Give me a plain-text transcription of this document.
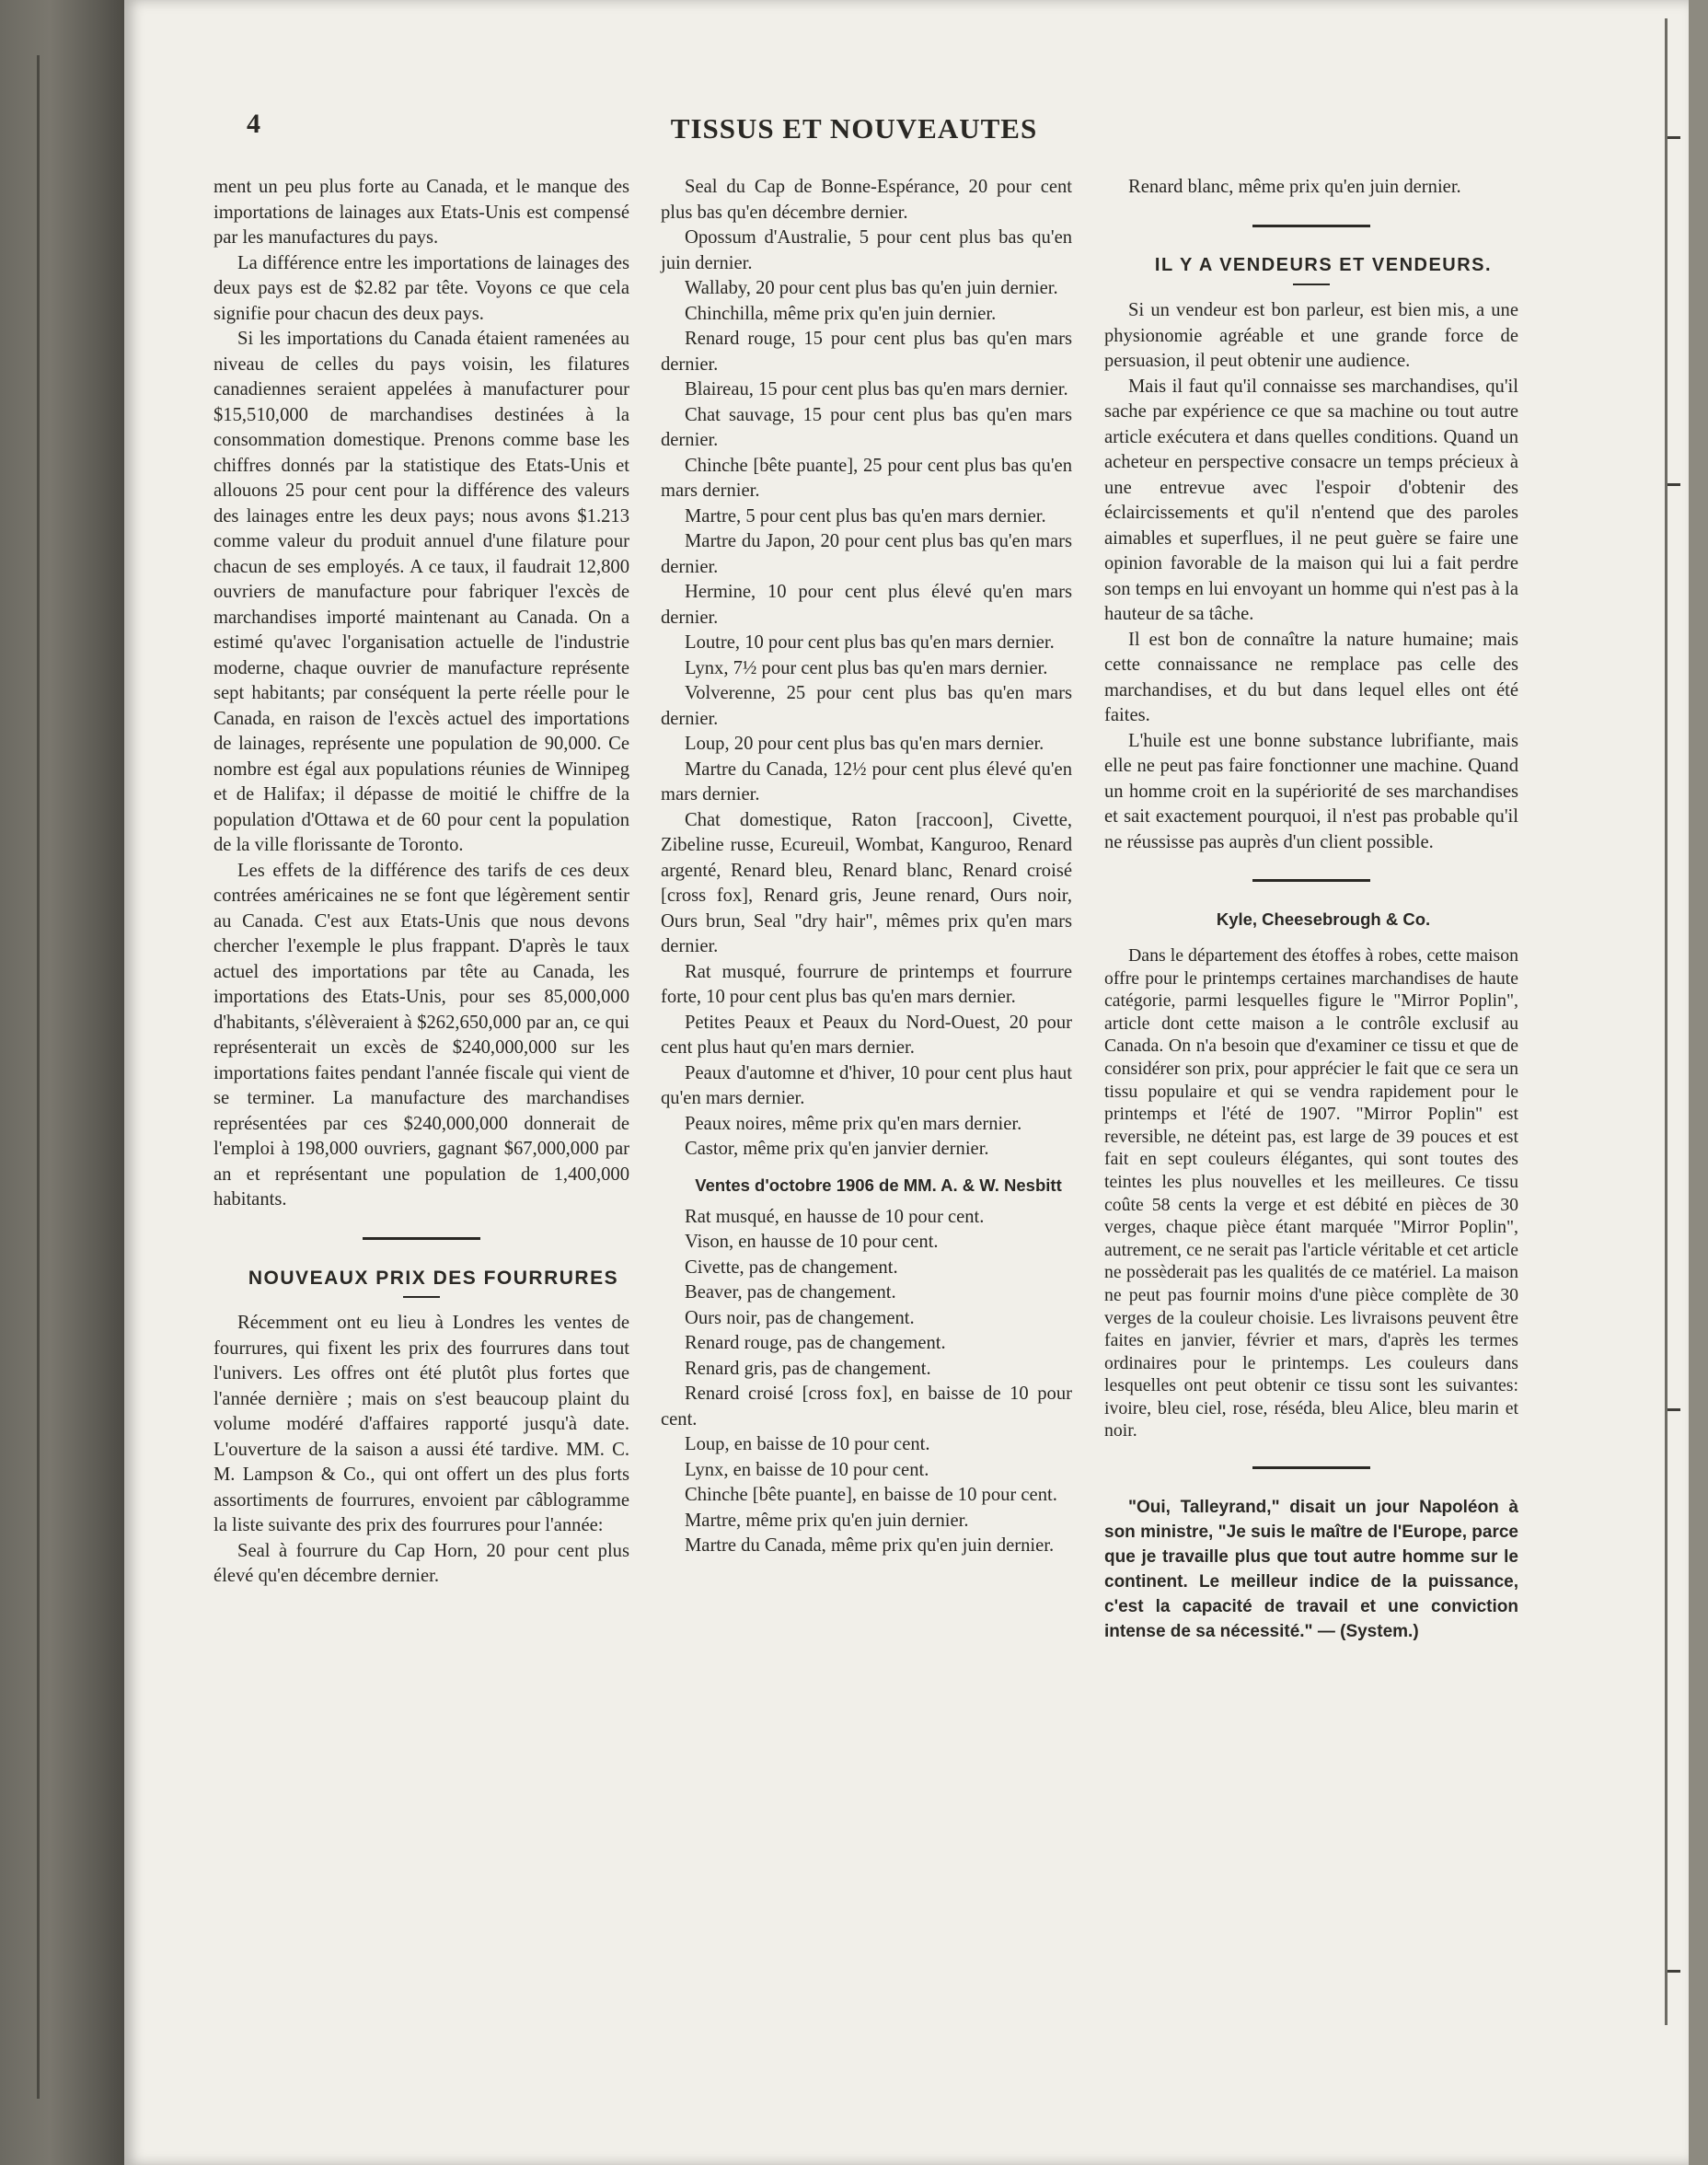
4	TISSUS ET NOUVEAUTES

ment un peu plus forte au Canada, et le manque des importations de lainages aux Etats-Unis est compensé par les manufactures du pays.

La différence entre les importations de lainages des deux pays est de $2.82 par tête. Voyons ce que cela signifie pour chacun des deux pays.

Si les importations du Canada étaient ramenées au niveau de celles du pays voisin, les filatures canadiennes seraient appelées à manufacturer pour $15,510,000 de marchandises destinées à la consommation domestique. Prenons comme base les chiffres donnés par la statistique des Etats-Unis et allouons 25 pour cent pour la différence des valeurs des lainages entre les deux pays; nous avons $1.213 comme valeur du produit annuel d'une filature pour chacun de ses employés. A ce taux, il faudrait 12,800 ouvriers de manufacture pour fabriquer l'excès de marchandises importé maintenant au Canada. On a estimé qu'avec l'organisation actuelle de l'industrie moderne, chaque ouvrier de manufacture représente sept habitants; par conséquent la perte réelle pour le Canada, en raison de l'excès actuel des importations de lainages, représente une population de 90,000. Ce nombre est égal aux populations réunies de Winnipeg et de Halifax; il dépasse de moitié le chiffre de la population d'Ottawa et de 60 pour cent la population de la ville florissante de Toronto.

Les effets de la différence des tarifs de ces deux contrées américaines ne se font que légèrement sentir au Canada. C'est aux Etats-Unis que nous devons chercher l'exemple le plus frappant. D'après le taux actuel des importations par tête au Canada, les importations des Etats-Unis, pour ses 85,000,000 d'habitants, s'élèveraient à $262,650,000 par an, ce qui représenterait un excès de $240,000,000 sur les importations faites pendant l'année fiscale qui vient de se terminer. La manufacture des marchandises représentées par ces $240,000,000 donnerait de l'emploi à 198,000 ouvriers, gagnant $67,000,000 par an et représentant une population de 1,400,000 habitants.

NOUVEAUX PRIX DES FOURRURES

Récemment ont eu lieu à Londres les ventes de fourrures, qui fixent les prix des fourrures dans tout l'univers. Les offres ont été plutôt plus fortes que l'année dernière ; mais on s'est beaucoup plaint du volume modéré d'affaires rapporté jusqu'à date. L'ouverture de la saison a aussi été tardive. MM. C. M. Lampson & Co., qui ont offert un des plus forts assortiments de fourrures, envoient par câblogramme la liste suivante des prix des fourrures pour l'année:

Seal à fourrure du Cap Horn, 20 pour cent plus élevé qu'en décembre dernier.

Seal du Cap de Bonne-Espérance, 20 pour cent plus bas qu'en décembre dernier.

Opossum d'Australie, 5 pour cent plus bas qu'en juin dernier.

Wallaby, 20 pour cent plus bas qu'en juin dernier.

Chinchilla, même prix qu'en juin dernier.

Renard rouge, 15 pour cent plus bas qu'en mars dernier.

Blaireau, 15 pour cent plus bas qu'en mars dernier.

Chat sauvage, 15 pour cent plus bas qu'en mars dernier.

Chinche [bête puante], 25 pour cent plus bas qu'en mars dernier.

Martre, 5 pour cent plus bas qu'en mars dernier.

Martre du Japon, 20 pour cent plus bas qu'en mars dernier.

Hermine, 10 pour cent plus élevé qu'en mars dernier.

Loutre, 10 pour cent plus bas qu'en mars dernier.

Lynx, 7½ pour cent plus bas qu'en mars dernier.

Volverenne, 25 pour cent plus bas qu'en mars dernier.

Loup, 20 pour cent plus bas qu'en mars dernier.

Martre du Canada, 12½ pour cent plus élevé qu'en mars dernier.

Chat domestique, Raton [raccoon], Civette, Zibeline russe, Ecureuil, Wombat, Kanguroo, Renard argenté, Renard bleu, Renard blanc, Renard croisé [cross fox], Renard gris, Jeune renard, Ours noir, Ours brun, Seal "dry hair", mêmes prix qu'en mars dernier.

Rat musqué, fourrure de printemps et fourrure forte, 10 pour cent plus bas qu'en mars dernier.

Petites Peaux et Peaux du Nord-Ouest, 20 pour cent plus haut qu'en mars dernier.

Peaux d'automne et d'hiver, 10 pour cent plus haut qu'en mars dernier.

Peaux noires, même prix qu'en mars dernier.

Castor, même prix qu'en janvier dernier.

Ventes d'octobre 1906 de MM. A. & W. Nesbitt

Rat musqué, en hausse de 10 pour cent.

Vison, en hausse de 10 pour cent.

Civette, pas de changement.

Beaver, pas de changement.

Ours noir, pas de changement.

Renard rouge, pas de changement.

Renard gris, pas de changement.

Renard croisé [cross fox], en baisse de 10 pour cent.

Loup, en baisse de 10 pour cent.

Lynx, en baisse de 10 pour cent.

Chinche [bête puante], en baisse de 10 pour cent.

Martre, même prix qu'en juin dernier.

Martre du Canada, même prix qu'en juin dernier.

Renard blanc, même prix qu'en juin dernier.

IL Y A VENDEURS ET VENDEURS.

Si un vendeur est bon parleur, est bien mis, a une physionomie agréable et une grande force de persuasion, il peut obtenir une audience.

Mais il faut qu'il connaisse ses marchandises, qu'il sache par expérience ce que sa machine ou tout autre article exécutera et dans quelles conditions. Quand un acheteur en perspective consacre un temps précieux à une entrevue avec l'espoir d'obtenir des éclaircissements et qu'il n'entend que des paroles aimables et superflues, il ne peut guère se faire une opinion favorable de la maison qui lui a fait perdre son temps en lui envoyant un homme qui n'est pas à la hauteur de sa tâche.

Il est bon de connaître la nature humaine; mais cette connaissance ne remplace pas celle des marchandises, et du but dans lequel elles ont été faites.

L'huile est une bonne substance lubrifiante, mais elle ne peut pas faire fonctionner une machine. Quand un homme croit en la supériorité de ses marchandises et sait exactement pourquoi, il n'est pas probable qu'il ne réussisse pas auprès d'un client possible.

Kyle, Cheesebrough & Co.

Dans le département des étoffes à robes, cette maison offre pour le printemps certaines marchandises de haute catégorie, parmi lesquelles figure le "Mirror Poplin", article dont cette maison a le contrôle exclusif au Canada. On n'a besoin que d'examiner ce tissu et que de considérer son prix, pour apprécier le fait que ce sera un tissu populaire et qui se vendra rapidement pour le printemps et l'été de 1907. "Mirror Poplin" est reversible, ne déteint pas, est large de 39 pouces et est fait en sept couleurs élégantes, qui sont toutes des teintes les plus nouvelles et les meilleures. Ce tissu coûte 58 cents la verge et est débité en pièces de 30 verges, chaque pièce étant marquée "Mirror Poplin", autrement, ce ne serait pas l'article véritable et cet article ne possèderait pas les qualités de ce matériel. La maison ne peut pas fournir moins d'une pièce complète de 30 verges de la couleur choisie. Les livraisons peuvent être faites en janvier, février et mars, d'après les termes ordinaires pour le printemps. Les couleurs dans lesquelles ont peut obtenir ce tissu sont les suivantes: ivoire, bleu ciel, rose, réséda, bleu Alice, bleu marin et noir.

"Oui, Talleyrand," disait un jour Napoléon à son ministre, "Je suis le maître de l'Europe, parce que je travaille plus que tout autre homme sur le continent. Le meilleur indice de la puissance, c'est la capacité de travail et une conviction intense de sa nécessité." — (System.)
